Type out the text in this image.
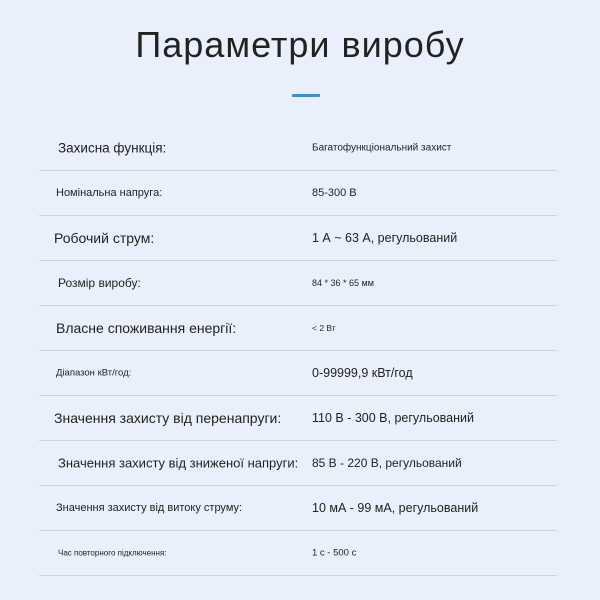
Параметри виробу
Захисна функція:	Багатофункціональний захист
Номінальна напруга:	85-300 В
Робочий струм:	1 А ~ 63 А, регульований
Розмір виробу:	84 * 36 * 65 мм
Власне споживання енергії:	< 2 Вт
Діапазон кВт/год:	0-99999,9 кВт/год
Значення захисту від перенапруги: 110 В - 300 В, регульований
Значення захисту від зниженої напруги: 85 В - 220 В, регульований
Значення захисту від витоку струму:	10 мА - 99 мА, регульований
Час повторного підключення:	1 с - 500 с
